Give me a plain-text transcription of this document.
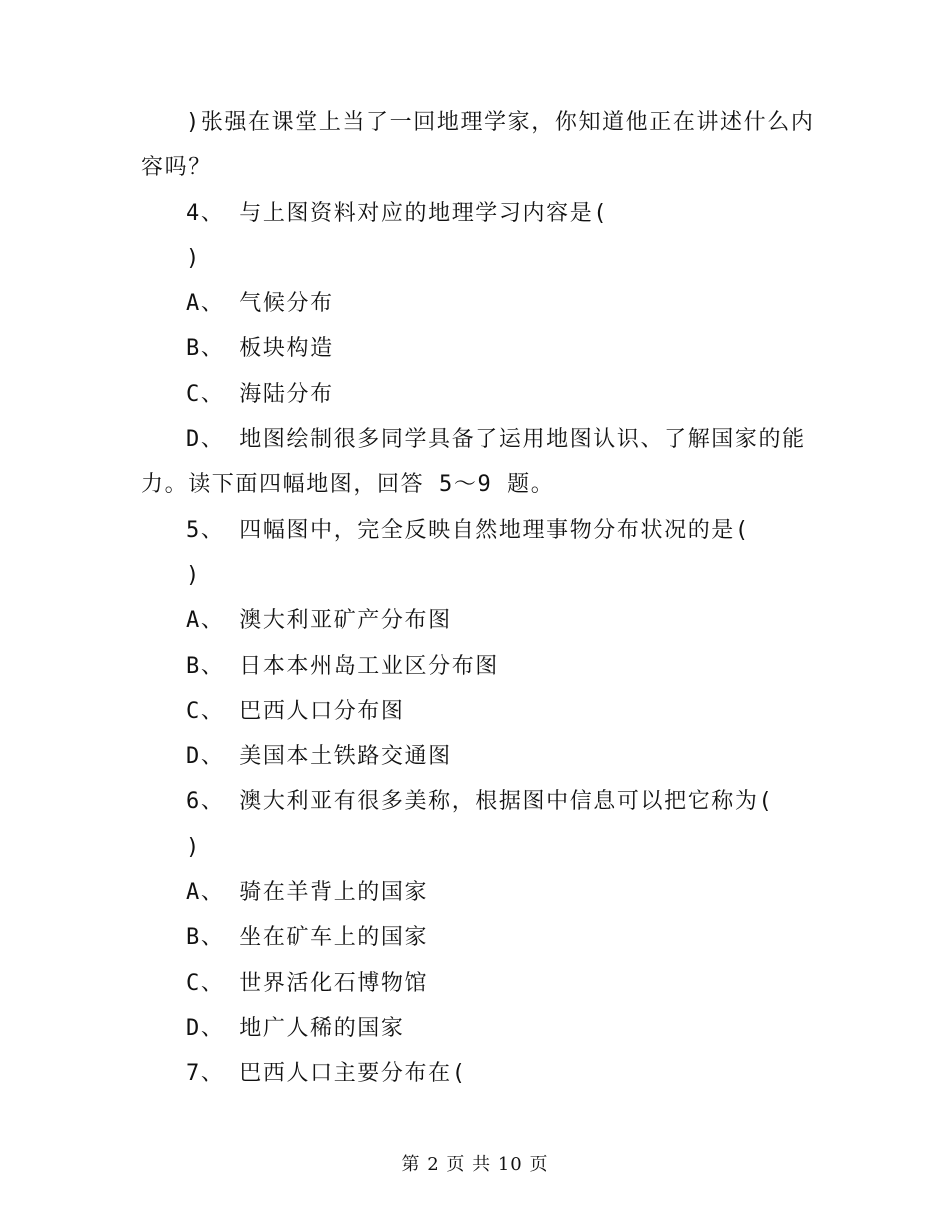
)张强在课堂上当了一回地理学家，你知道他正在讲述什么内
容吗？
4、 与上图资料对应的地理学习内容是(
)
A、 气候分布
B、 板块构造
C、 海陆分布
D、 地图绘制很多同学具备了运用地图认识、了解国家的能
力。读下面四幅地图，回答 5～9 题。
5、 四幅图中，完全反映自然地理事物分布状况的是(
)
A、 澳大利亚矿产分布图
B、 日本本州岛工业区分布图
C、 巴西人口分布图
D、 美国本土铁路交通图
6、 澳大利亚有很多美称，根据图中信息可以把它称为(
)
A、 骑在羊背上的国家
B、 坐在矿车上的国家
C、 世界活化石博物馆
D、 地广人稀的国家
7、 巴西人口主要分布在(
第 2 页 共 10 页
